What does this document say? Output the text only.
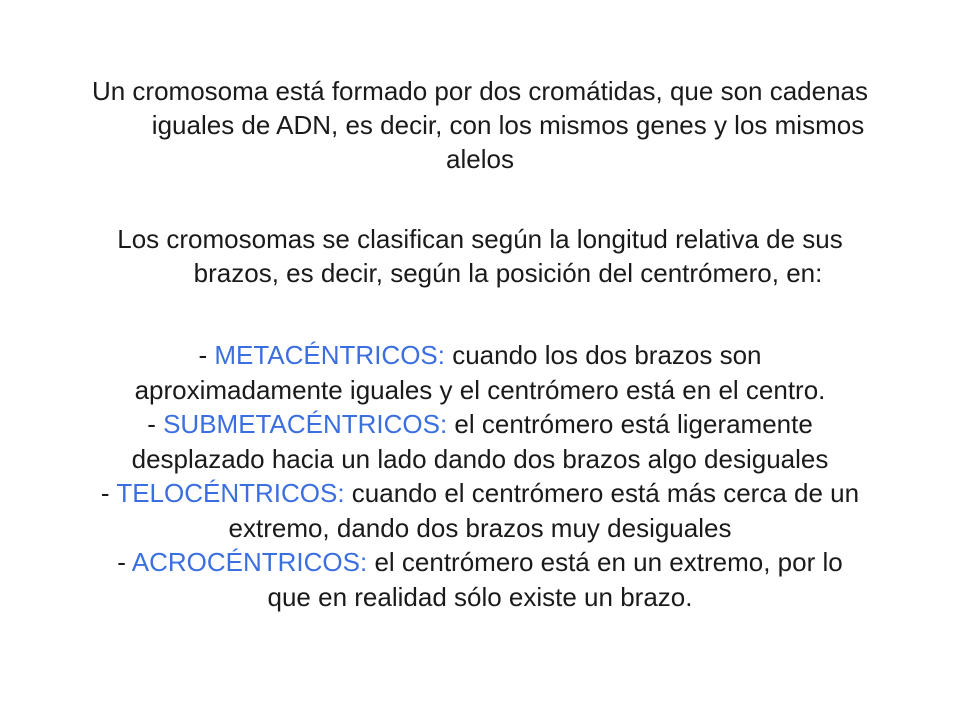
Un cromosoma está formado por dos cromátidas, que son cadenas
iguales de ADN, es decir, con los mismos genes y los mismos
alelos

Los cromosomas se clasifican según la longitud relativa de sus
brazos, es decir, según la posición del centrómero, en:

- METACÉNTRICOS: cuando los dos brazos son
aproximadamente iguales y el centrómero está en el centro.
- SUBMETACÉNTRICOS: el centrómero está ligeramente
desplazado hacia un lado dando dos brazos algo desiguales
- TELOCÉNTRICOS: cuando el centrómero está más cerca de un
extremo, dando dos brazos muy desiguales
- ACROCÉNTRICOS: el centrómero está en un extremo, por lo
que en realidad sólo existe un brazo.
